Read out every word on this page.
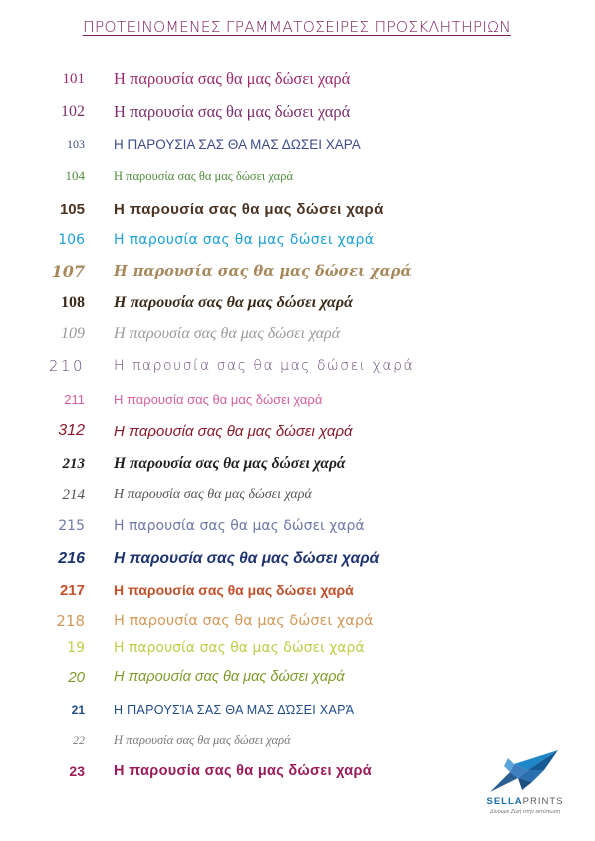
ΠΡΟΤΕΙΝΟΜΕΝΕΣ ΓΡΑΜΜΑΤΟΣΕΙΡΕΣ ΠΡΟΣΚΛΗΤΗΡΙΩΝ
101	Η παρουσία σας θα μας δώσει χαρά
102	Η παρουσία σας θα μας δώσει χαρά
103	Η ΠΑΡΟΥΣΙΑ ΣΑΣ ΘΑ ΜΑΣ ΔΩΣΕΙ ΧΑΡΑ
104	Η παρουσία σας θα μας δώσει χαρά
105	Η παρουσία σας θα μας δώσει χαρά
106	Η παρουσία σας θα μας δώσει χαρά
107	Η παρουσία σας θα μας δώσει χαρά
108	Η παρουσία σας θα μας δώσει χαρά
109	Η παρουσία σας θα μας δώσει χαρά
210	Η παρουσία σας θα μας δώσει χαρά
211	Η παρουσία σας θα μας δώσει χαρά
312	Η παρουσία σας θα μας δώσει χαρά
213	Η παρουσία σας θα μας δώσει χαρά
214	Η παρουσία σας θα μας δώσει χαρά
215	Η παρουσία σας θα μας δώσει χαρά
216	Η παρουσία σας θα μας δώσει χαρά
217	Η παρουσία σας θα μας δώσει χαρά
218	Η παρουσία σας θα μας δώσει χαρά
19	Η παρουσία σας θα μας δώσει χαρά
20	Η παρουσία σας θα μας δώσει χαρά
21	Η ΠΑΡΟΥΣΊΑ ΣΑΣ ΘΑ ΜΑΣ ΔΏΣΕΙ ΧΑΡΆ
22	Η παρουσία σας θα μας δώσει χαρά
23	Η παρουσία σας θα μας δώσει χαρά
SELLAPRINTS
Δίνουμε Ζωή στην εκτύπωση
